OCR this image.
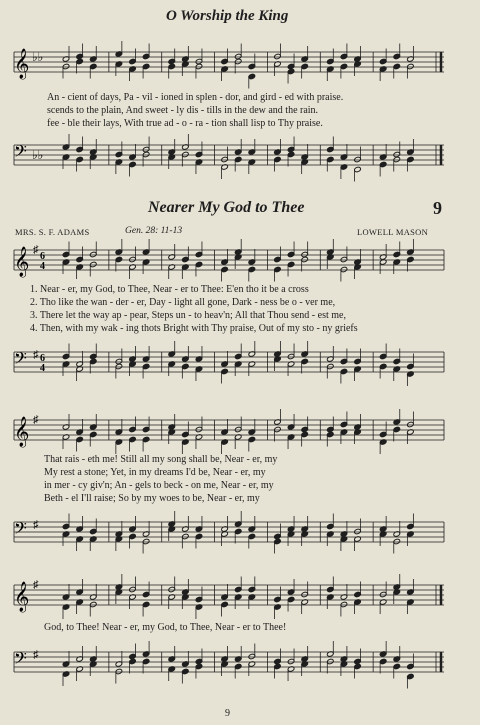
O Worship the King
𝄞 ♭♭
An - cient of days, Pa - vil - ioned in splen - dor, and gird - ed with praise.
scends to the plain, And sweet - ly dis - tills in the dew and the rain.
fee - ble their lays, With true ad - o - ra - tion shall lisp to Thy praise.
𝄢 ♭♭
Nearer My God to Thee	9
MRS. S. F. ADAMS	Gen. 28: 11-13	LOWELL MASON
𝄞 ♯
6
4
1. Near - er, my God, to Thee, Near - er to Thee: E'en tho it be a cross
2. Tho like the wan - der - er, Day - light all gone, Dark - ness be o - ver me,
3. There let the way ap - pear, Steps un - to heav'n; All that Thou send - est me,
4. Then, with my wak - ing thots Bright with Thy praise, Out of my sto - ny griefs
𝄢 ♯ 6
4
𝄞 ♯
That rais - eth me! Still all my song shall be, Near - er, my
My rest a stone; Yet, in my dreams I'd be, Near - er, my
in mer - cy giv'n; An - gels to beck - on me, Near - er, my
Beth - el I'll raise; So by my woes to be, Near - er, my
𝄢 ♯
𝄞 ♯
God, to Thee! Near - er, my God, to Thee, Near - er to Thee!
𝄢 ♯
9
